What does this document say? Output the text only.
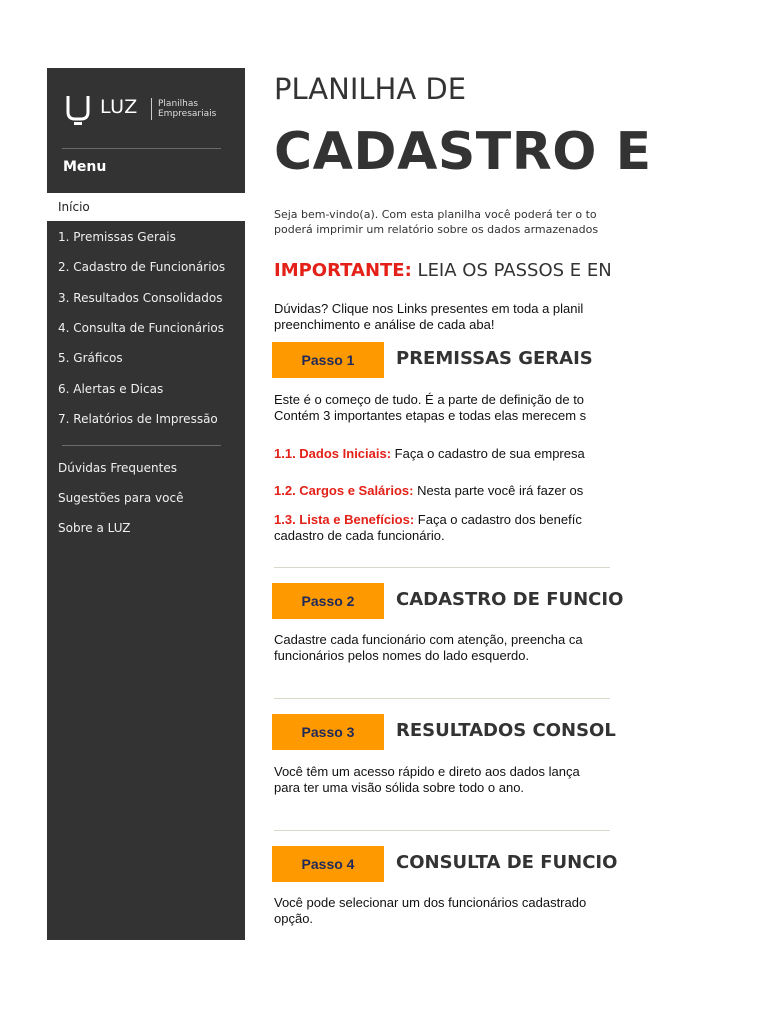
LUZ Planilhas
Empresariais
Menu
Início
1. Premissas Gerais
2. Cadastro de Funcionários
3. Resultados Consolidados
4. Consulta de Funcionários
5. Gráficos
6. Alertas e Dicas
7. Relatórios de Impressão
Dúvidas Frequentes
Sugestões para você
Sobre a LUZ
PLANILHA DE
CADASTRO E
Seja bem-vindo(a). Com esta planilha você poderá ter o to
poderá imprimir um relatório sobre os dados armazenados
IMPORTANTE: LEIA OS PASSOS E EN
Dúvidas? Clique nos Links presentes em toda a planil
preenchimento e análise de cada aba!
Passo 1	PREMISSAS GERAIS
Este é o começo de tudo. É a parte de definição de to
Contém 3 importantes etapas e todas elas merecem s
1.1. Dados Iniciais: Faça o cadastro de sua empresa
1.2. Cargos e Salários: Nesta parte você irá fazer os
1.3. Lista e Benefícios: Faça o cadastro dos benefíc
cadastro de cada funcionário.
Passo 2	CADASTRO DE FUNCIO
Cadastre cada funcionário com atenção, preencha ca
funcionários pelos nomes do lado esquerdo.
Passo 3	RESULTADOS CONSOL
Você têm um acesso rápido e direto aos dados lança
para ter uma visão sólida sobre todo o ano.
Passo 4	CONSULTA DE FUNCIO
Você pode selecionar um dos funcionários cadastrado
opção.
